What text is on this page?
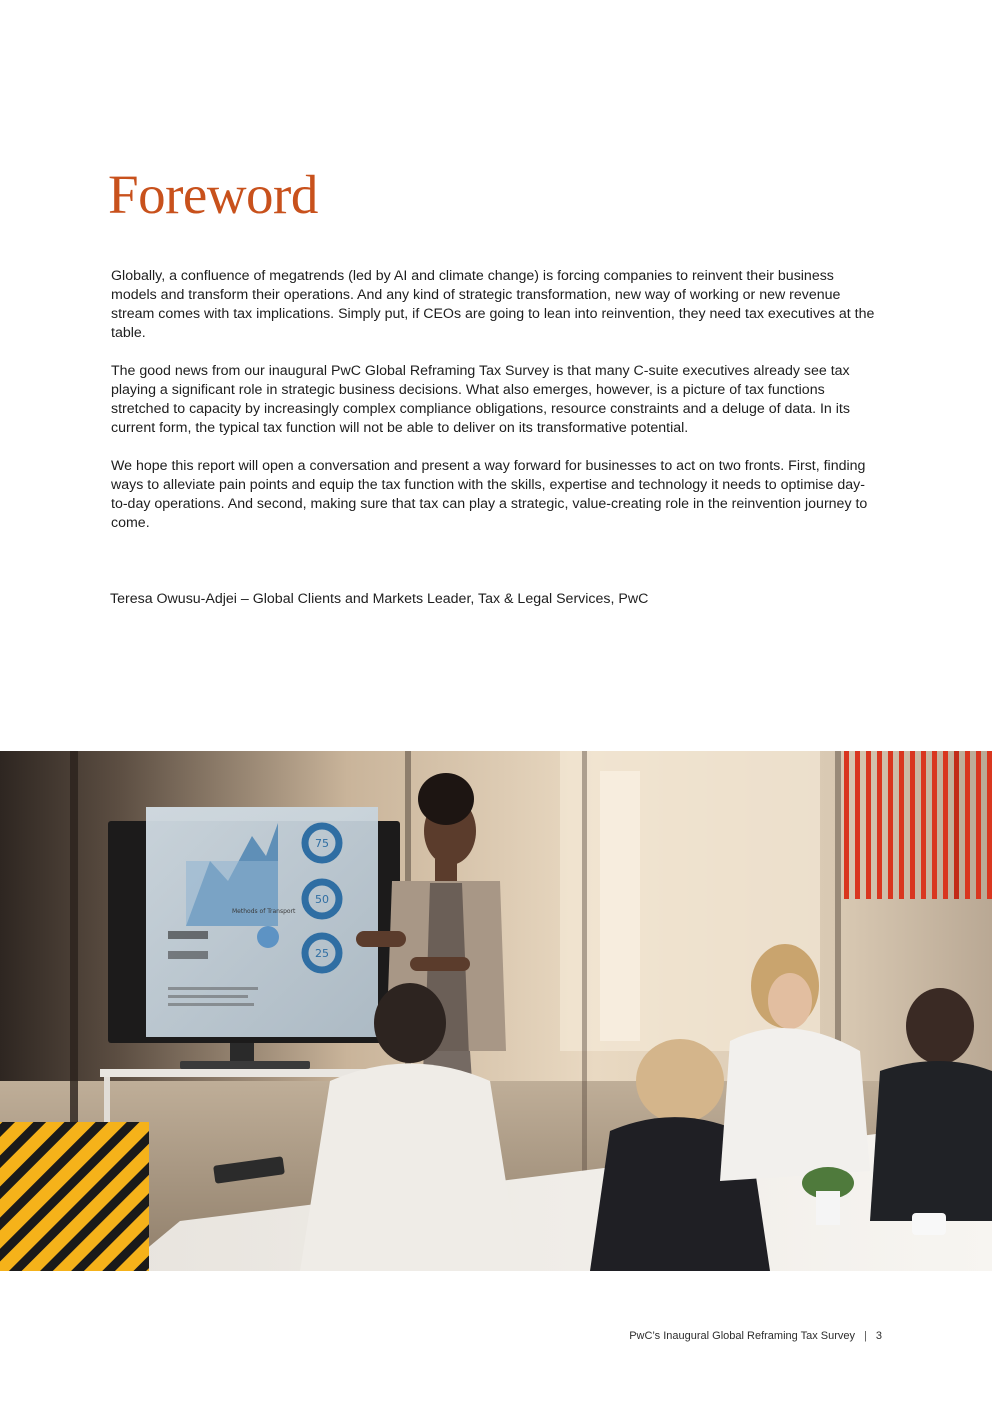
Foreword

Globally, a confluence of megatrends (led by AI and climate change) is forcing companies to reinvent their business models and transform their operations. And any kind of strategic transformation, new way of working or new revenue stream comes with tax implications. Simply put, if CEOs are going to lean into reinvention, they need tax executives at the table.

The good news from our inaugural PwC Global Reframing Tax Survey is that many C-suite executives already see tax playing a significant role in strategic business decisions. What also emerges, however, is a picture of tax functions stretched to capacity by increasingly complex compliance obligations, resource constraints and a deluge of data. In its current form, the typical tax function will not be able to deliver on its transformative potential.

We hope this report will open a conversation and present a way forward for businesses to act on two fronts. First, finding ways to alleviate pain points and equip the tax function with the skills, expertise and technology it needs to optimise day-to-day operations. And second, making sure that tax can play a strategic, value-creating role in the reinvention journey to come.

Teresa Owusu-Adjei – Global Clients and Markets Leader, Tax & Legal Services, PwC

75
50
25
Methods of Transport
PwC’s Inaugural Global Reframing Tax Survey | 3
